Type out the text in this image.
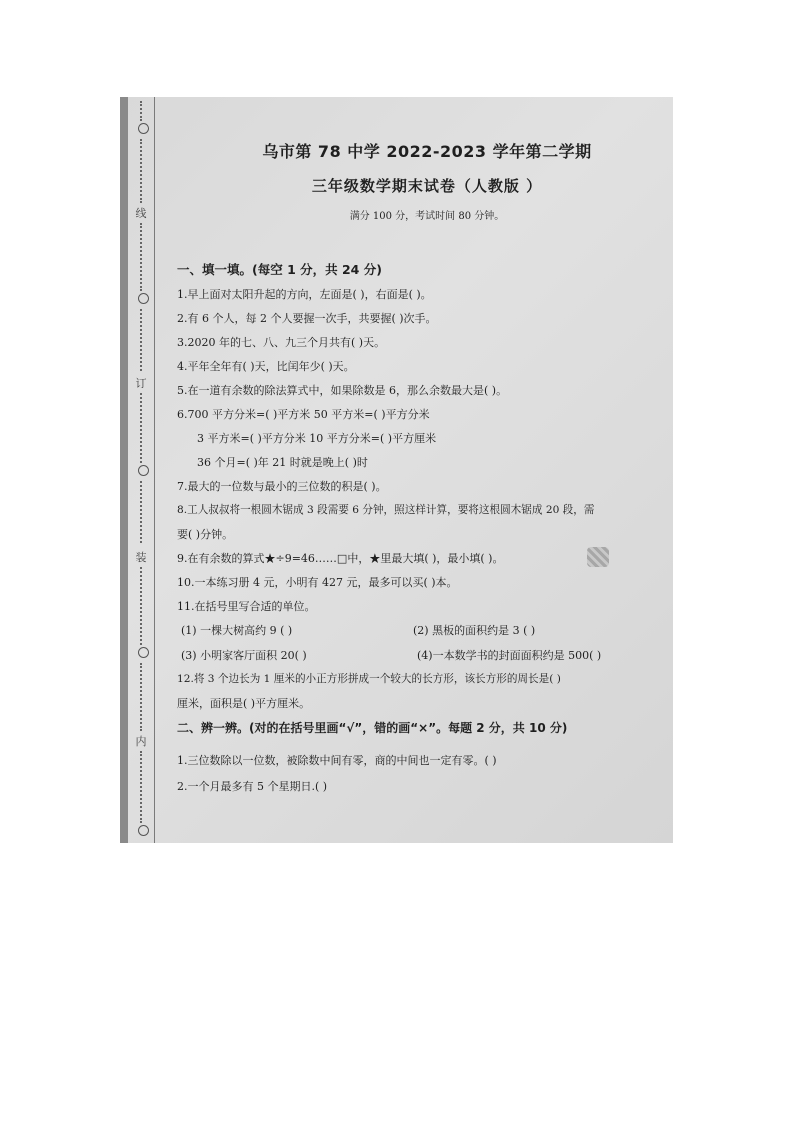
线
订
装
内
乌市第 78 中学 2022-2023 学年第二学期
三年级数学期末试卷（人教版 ）
满分 100 分，考试时间 80 分钟。
一、填一填。(每空 1 分，共 24 分)
1.早上面对太阳升起的方向，左面是( )，右面是( )。
2.有 6 个人，每 2 个人要握一次手，共要握( )次手。
3.2020 年的七、八、九三个月共有( )天。
4.平年全年有( )天，比闰年少( )天。
5.在一道有余数的除法算式中，如果除数是 6，那么余数最大是( )。
6.700 平方分米=( )平方米 50 平方米=( )平方分米
3 平方米=( )平方分米 10 平方分米=( )平方厘米
36 个月=( )年 21 时就是晚上( )时
7.最大的一位数与最小的三位数的积是( )。
8.工人叔叔将一根圆木锯成 3 段需要 6 分钟，照这样计算，要将这根圆木锯成 20 段，需
要( )分钟。
9.在有余数的算式★÷9=46……□中，★里最大填( )，最小填( )。
10.一本练习册 4 元，小明有 427 元，最多可以买( )本。
11.在括号里写合适的单位。
(1) 一棵大树高约 9 ( )	(2) 黑板的面积约是 3 ( )
(3) 小明家客厅面积 20( )	(4)一本数学书的封面面积约是 500( )
12.将 3 个边长为 1 厘米的小正方形拼成一个较大的长方形，该长方形的周长是( )
厘米，面积是( )平方厘米。
二、辨一辨。(对的在括号里画“√”，错的画“×”。每题 2 分，共 10 分)
1.三位数除以一位数，被除数中间有零，商的中间也一定有零。( )
2.一个月最多有 5 个星期日.( )
